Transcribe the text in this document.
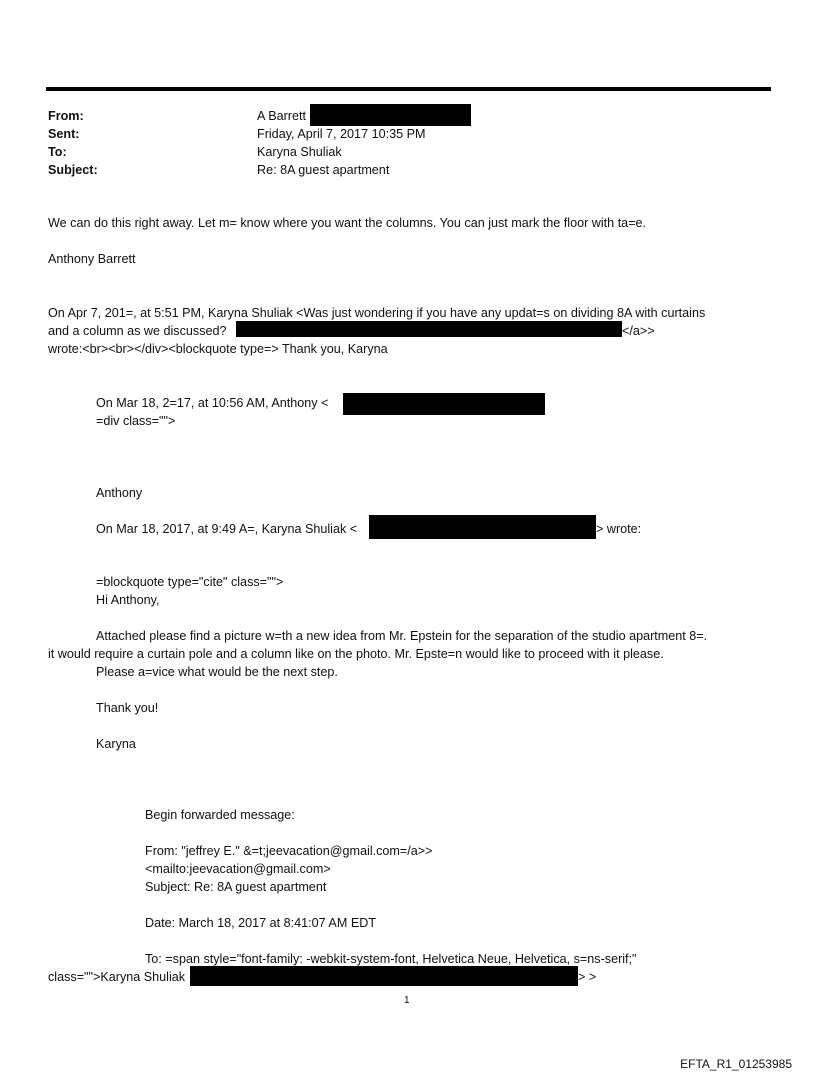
From:	A Barrett
Sent:	Friday, April 7, 2017 10:35 PM
To:	Karyna Shuliak
Subject:	Re: 8A guest apartment
We can do this right away. Let m= know where you want the columns. You can just mark the floor with ta=e.
Anthony Barrett
On Apr 7, 201=, at 5:51 PM, Karyna Shuliak <Was just wondering if you have any updat=s on dividing 8A with curtains
and a column as we discussed?	</a>>
wrote:<br><br></div><blockquote type=> Thank you, Karyna
On Mar 18, 2=17, at 10:56 AM, Anthony <
=div class="">
Anthony
On Mar 18, 2017, at 9:49 A=, Karyna Shuliak <	> wrote:
=blockquote type="cite" class="">
Hi Anthony,
Attached please find a picture w=th a new idea from Mr. Epstein for the separation of the studio apartment 8=.
it would require a curtain pole and a column like on the photo. Mr. Epste=n would like to proceed with it please.
Please a=vice what would be the next step.
Thank you!
Karyna
Begin forwarded message:
From: "jeffrey E." &=t;jeevacation@gmail.com=/a>>
<mailto:jeevacation@gmail.com>
Subject: Re: 8A guest apartment
Date: March 18, 2017 at 8:41:07 AM EDT
To: =span style="font-family: -webkit-system-font, Helvetica Neue, Helvetica, s=ns-serif;"
class="">Karyna Shuliak	> >
1
EFTA_R1_01253985
